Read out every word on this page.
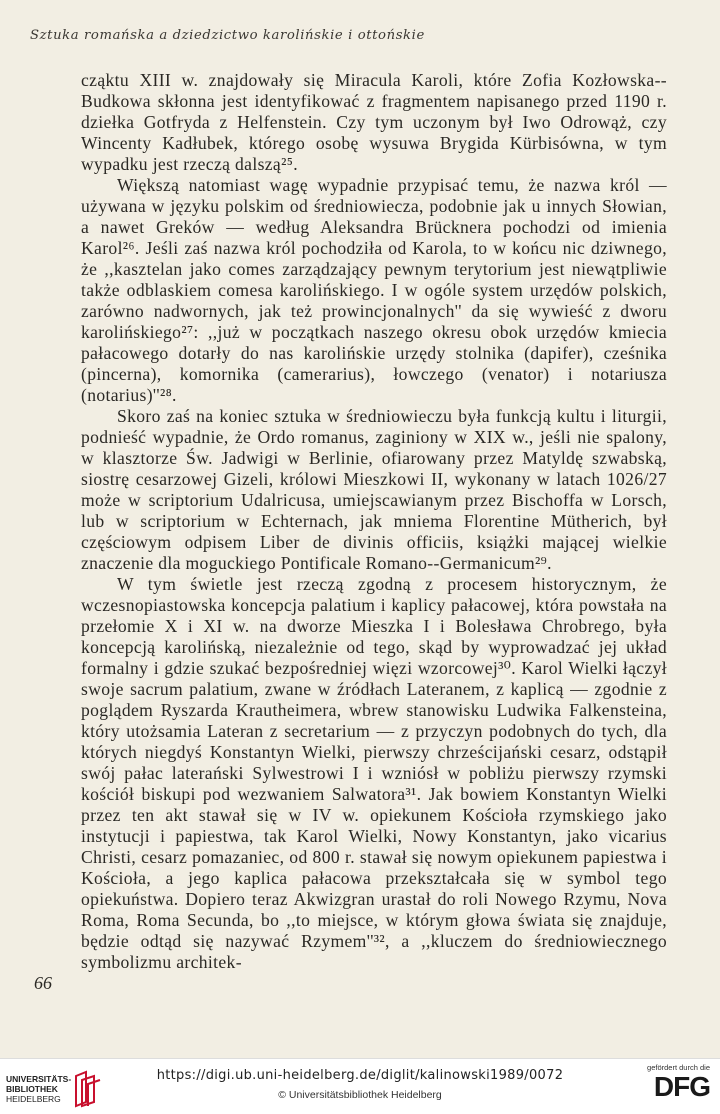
Sztuka romańska a dziedzictwo karolińskie i ottońskie

cząktu XIII w. znajdowały się Miracula Karoli, które Zofia Kozłowska--Budkowa skłonna jest identyfikować z fragmentem napisanego przed 1190 r. dziełka Gotfryda z Helfenstein. Czy tym uczonym był Iwo Odrowąż, czy Wincenty Kadłubek, którego osobę wysuwa Brygida Kürbisówna, w tym wypadku jest rzeczą dalszą²⁵.

Większą natomiast wagę wypadnie przypisać temu, że nazwa król — używana w języku polskim od średniowiecza, podobnie jak u innych Słowian, a nawet Greków — według Aleksandra Brücknera pochodzi od imienia Karol²⁶. Jeśli zaś nazwa król pochodziła od Karola, to w końcu nic dziwnego, że ,,kasztelan jako comes zarządzający pewnym terytorium jest niewątpliwie także odblaskiem comesa karolińskiego. I w ogóle system urzędów polskich, zarówno nadwornych, jak też prowincjonalnych'' da się wywieść z dworu karolińskiego²⁷: ,,już w początkach naszego okresu obok urzędów kmiecia pałacowego dotarły do nas karolińskie urzędy stolnika (dapifer), cześnika (pincerna), komornika (camerarius), łowczego (venator) i notariusza (notarius)''²⁸.

Skoro zaś na koniec sztuka w średniowieczu była funkcją kultu i liturgii, podnieść wypadnie, że Ordo romanus, zaginiony w XIX w., jeśli nie spalony, w klasztorze Św. Jadwigi w Berlinie, ofiarowany przez Matyldę szwabską, siostrę cesarzowej Gizeli, królowi Mieszkowi II, wykonany w latach 1026/27 może w scriptorium Udalricusa, umiejscawianym przez Bischoffa w Lorsch, lub w scriptorium w Echternach, jak mniema Florentine Mütherich, był częściowym odpisem Liber de divinis officiis, książki mającej wielkie znaczenie dla moguckiego Pontificale Romano--Germanicum²⁹.

W tym świetle jest rzeczą zgodną z procesem historycznym, że wczesnopiastowska koncepcja palatium i kaplicy pałacowej, która powstała na przełomie X i XI w. na dworze Mieszka I i Bolesława Chrobrego, była koncepcją karolińską, niezależnie od tego, skąd by wyprowadzać jej układ formalny i gdzie szukać bezpośredniej więzi wzorcowej³⁰. Karol Wielki łączył swoje sacrum palatium, zwane w źródłach Lateranem, z kaplicą — zgodnie z poglądem Ryszarda Krautheimera, wbrew stanowisku Ludwika Falkensteina, który utożsamia Lateran z secretarium — z przyczyn podobnych do tych, dla których niegdyś Konstantyn Wielki, pierwszy chrześcijański cesarz, odstąpił swój pałac laterański Sylwestrowi I i wzniósł w pobliżu pierwszy rzymski kościół biskupi pod wezwaniem Salwatora³¹. Jak bowiem Konstantyn Wielki przez ten akt stawał się w IV w. opiekunem Kościoła rzymskiego jako instytucji i papiestwa, tak Karol Wielki, Nowy Konstantyn, jako vicarius Christi, cesarz pomazaniec, od 800 r. stawał się nowym opiekunem papiestwa i Kościoła, a jego kaplica pałacowa przekształcała się w symbol tego opiekuństwa. Dopiero teraz Akwizgran urastał do roli Nowego Rzymu, Nova Roma, Roma Secunda, bo ,,to miejsce, w którym głowa świata się znajduje, będzie odtąd się nazywać Rzymem''³², a ,,kluczem do średniowiecznego symbolizmu architek-

66
UNIVERSITÄTS-
BIBLIOTHEK
HEIDELBERG
https://digi.ub.uni-heidelberg.de/diglit/kalinowski1989/0072
© Universitätsbibliothek Heidelberg
gefördert durch die
DFG
